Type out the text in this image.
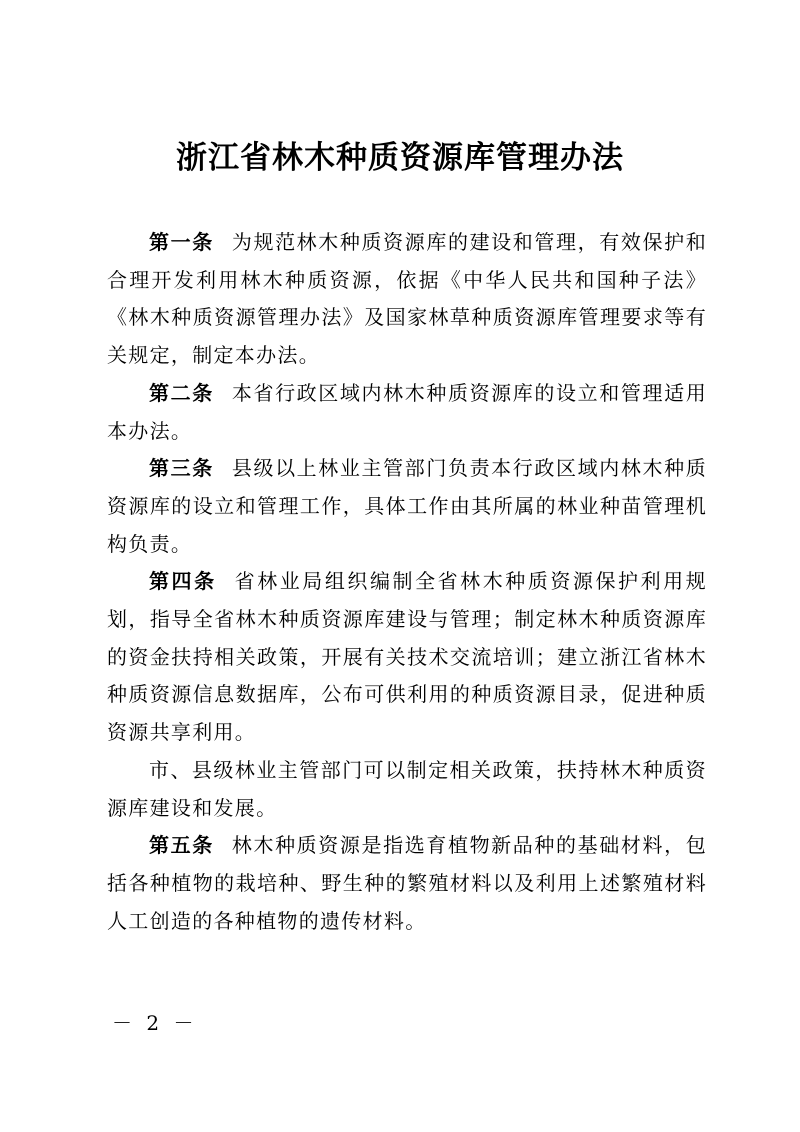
浙江省林木种质资源库管理办法

第一条 为规范林木种质资源库的建设和管理，有效保护和合理开发利用林木种质资源，依据《中华人民共和国种子法》《林木种质资源管理办法》及国家林草种质资源库管理要求等有关规定，制定本办法。

第二条 本省行政区域内林木种质资源库的设立和管理适用本办法。

第三条 县级以上林业主管部门负责本行政区域内林木种质资源库的设立和管理工作，具体工作由其所属的林业种苗管理机构负责。

第四条 省林业局组织编制全省林木种质资源保护利用规划，指导全省林木种质资源库建设与管理；制定林木种质资源库的资金扶持相关政策，开展有关技术交流培训；建立浙江省林木种质资源信息数据库，公布可供利用的种质资源目录，促进种质资源共享利用。

市、县级林业主管部门可以制定相关政策，扶持林木种质资源库建设和发展。

第五条 林木种质资源是指选育植物新品种的基础材料，包括各种植物的栽培种、野生种的繁殖材料以及利用上述繁殖材料人工创造的各种植物的遗传材料。

－ 2 －
